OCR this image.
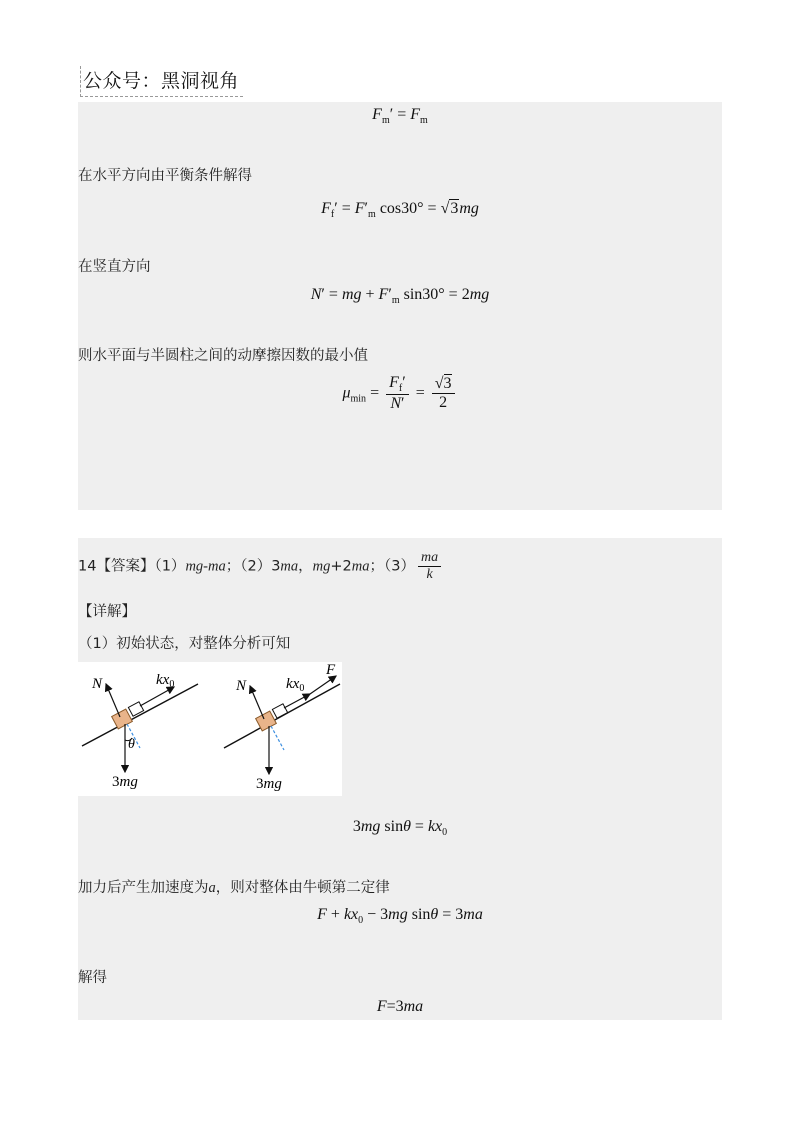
公众号：黑洞视角
$F_m' = F_m$
在水平方向由平衡条件解得
$F_f' = F'_m$ cos30° = √3mg
在竖直方向
N′ = mg + $F'_m$ sin30° = 2mg
则水平面与半圆柱之间的动摩擦因数的最小值
$\mu_{min} = \frac{F_f'}{N'} = \frac{√3}{2}$
14【答案】（1）mg-ma；（2）3ma，mg+2ma；$(3) \frac{ma}{k}$
【详解】
（1）初始状态，对整体分析可知
N	$kx_0$
θ
3mg
N	$kx_0$
F
3mg
3mg $\sin\theta = kx_0$
加力后产生加速度为a，则对整体由牛顿第二定律
$F + kx_0 - 3mg$ sinθ = 3ma
解得
F=3ma
